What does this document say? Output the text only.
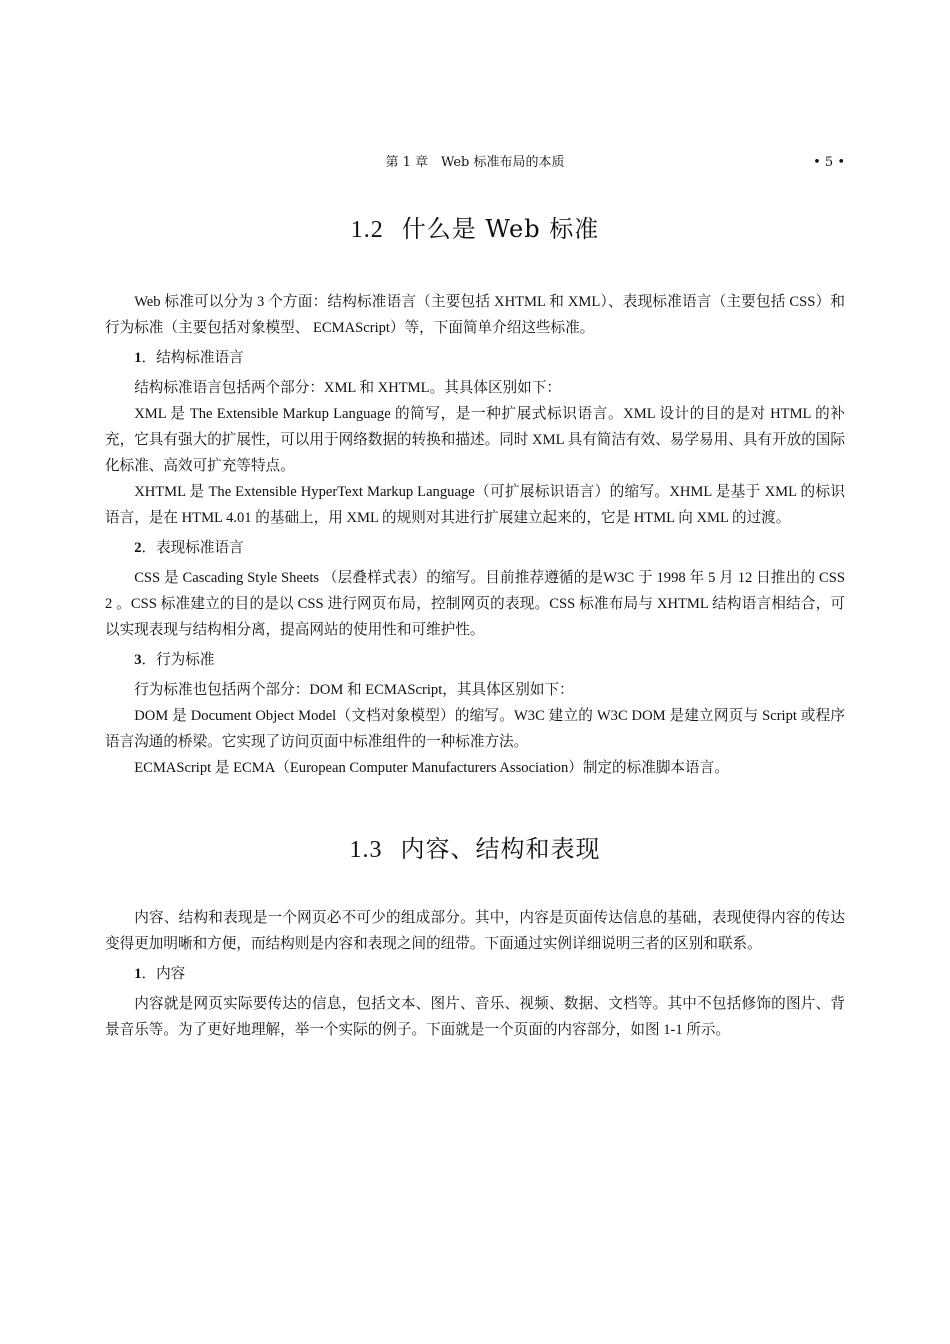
第 1 章　Web 标准布局的本质	• 5 •
1.2 什么是 Web 标准

Web 标准可以分为 3 个方面：结构标准语言（主要包括 XHTML 和 XML）、表现标准语言（主要包括 CSS）和行为标准（主要包括对象模型、 ECMAScript）等，下面简单介绍这些标准。

1．结构标准语言

结构标准语言包括两个部分：XML 和 XHTML。其具体区别如下：

XML 是 The Extensible Markup Language 的简写，是一种扩展式标识语言。XML 设计的目的是对 HTML 的补充，它具有强大的扩展性，可以用于网络数据的转换和描述。同时 XML 具有简洁有效、易学易用、具有开放的国际化标准、高效可扩充等特点。

XHTML 是 The Extensible HyperText Markup Language（可扩展标识语言）的缩写。XHML 是基于 XML 的标识语言，是在 HTML 4.01 的基础上，用 XML 的规则对其进行扩展建立起来的，它是 HTML 向 XML 的过渡。

2．表现标准语言

CSS 是 Cascading Style Sheets （层叠样式表）的缩写。目前推荐遵循的是W3C 于 1998 年 5 月 12 日推出的 CSS 2 。CSS 标准建立的目的是以 CSS 进行网页布局，控制网页的表现。CSS 标准布局与 XHTML 结构语言相结合，可以实现表现与结构相分离，提高网站的使用性和可维护性。

3．行为标准

行为标准也包括两个部分：DOM 和 ECMAScript，其具体区别如下：

DOM 是 Document Object Model（文档对象模型）的缩写。W3C 建立的 W3C DOM 是建立网页与 Script 或程序语言沟通的桥梁。它实现了访问页面中标准组件的一种标准方法。

ECMAScript 是 ECMA（European Computer Manufacturers Association）制定的标准脚本语言。

1.3 内容、结构和表现

内容、结构和表现是一个网页必不可少的组成部分。其中，内容是页面传达信息的基础，表现使得内容的传达变得更加明晰和方便，而结构则是内容和表现之间的纽带。下面通过实例详细说明三者的区别和联系。

1．内容

内容就是网页实际要传达的信息，包括文本、图片、音乐、视频、数据、文档等。其中不包括修饰的图片、背景音乐等。为了更好地理解，举一个实际的例子。下面就是一个页面的内容部分，如图 1-1 所示。
